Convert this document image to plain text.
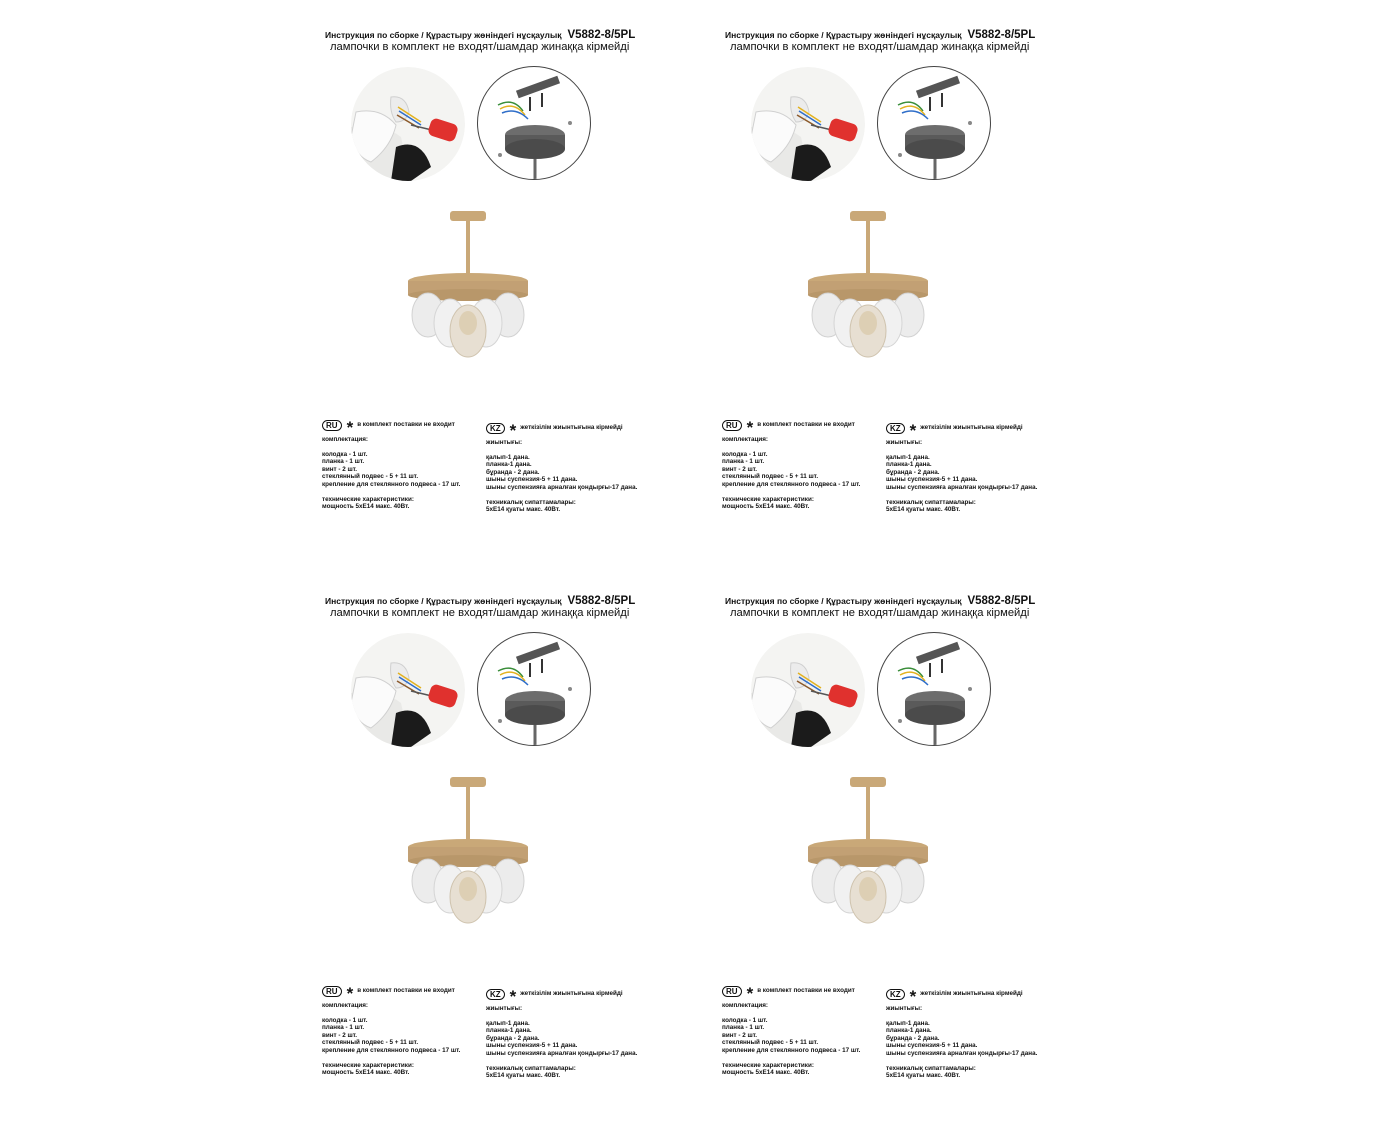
Инструкция по сборке / Құрастыру жөніндегі нұсқаулық V5882-8/5PL
лампочки в комплект не входят/шамдар жинаққа кірмейді
RU * в комплект поставки не входит
комплектация:
колодка - 1 шт.
планка - 1 шт.
винт - 2 шт.
стеклянный подвес - 5 + 11 шт.
крепление для стеклянного подвеса - 17 шт.
технические характеристики:
мощность 5xE14 макс. 40Вт.
KZ * жеткізілім жиынтығына кірмейді
жиынтығы:
қалып-1 дана.
планка-1 дана.
бұранда - 2 дана.
шыны суспензия-5 + 11 дана.
шыны суспензияға арналған қондырғы-17 дана.
техникалық сипаттамалары:
5xE14 қуаты макс. 40Вт.
Инструкция по сборке / Құрастыру жөніндегі нұсқаулық V5882-8/5PL
лампочки в комплект не входят/шамдар жинаққа кірмейді
RU * в комплект поставки не входит
комплектация:
колодка - 1 шт.
планка - 1 шт.
винт - 2 шт.
стеклянный подвес - 5 + 11 шт.
крепление для стеклянного подвеса - 17 шт.
технические характеристики:
мощность 5xE14 макс. 40Вт.
KZ * жеткізілім жиынтығына кірмейді
жиынтығы:
қалып-1 дана.
планка-1 дана.
бұранда - 2 дана.
шыны суспензия-5 + 11 дана.
шыны суспензияға арналған қондырғы-17 дана.
техникалық сипаттамалары:
5xE14 қуаты макс. 40Вт.
Инструкция по сборке / Құрастыру жөніндегі нұсқаулық V5882-8/5PL
лампочки в комплект не входят/шамдар жинаққа кірмейді
RU * в комплект поставки не входит
комплектация:
колодка - 1 шт.
планка - 1 шт.
винт - 2 шт.
стеклянный подвес - 5 + 11 шт.
крепление для стеклянного подвеса - 17 шт.
технические характеристики:
мощность 5xE14 макс. 40Вт.
KZ * жеткізілім жиынтығына кірмейді
жиынтығы:
қалып-1 дана.
планка-1 дана.
бұранда - 2 дана.
шыны суспензия-5 + 11 дана.
шыны суспензияға арналған қондырғы-17 дана.
техникалық сипаттамалары:
5xE14 қуаты макс. 40Вт.
Инструкция по сборке / Құрастыру жөніндегі нұсқаулық V5882-8/5PL
лампочки в комплект не входят/шамдар жинаққа кірмейді
RU * в комплект поставки не входит
комплектация:
колодка - 1 шт.
планка - 1 шт.
винт - 2 шт.
стеклянный подвес - 5 + 11 шт.
крепление для стеклянного подвеса - 17 шт.
технические характеристики:
мощность 5xE14 макс. 40Вт.
KZ * жеткізілім жиынтығына кірмейді
жиынтығы:
қалып-1 дана.
планка-1 дана.
бұранда - 2 дана.
шыны суспензия-5 + 11 дана.
шыны суспензияға арналған қондырғы-17 дана.
техникалық сипаттамалары:
5xE14 қуаты макс. 40Вт.
